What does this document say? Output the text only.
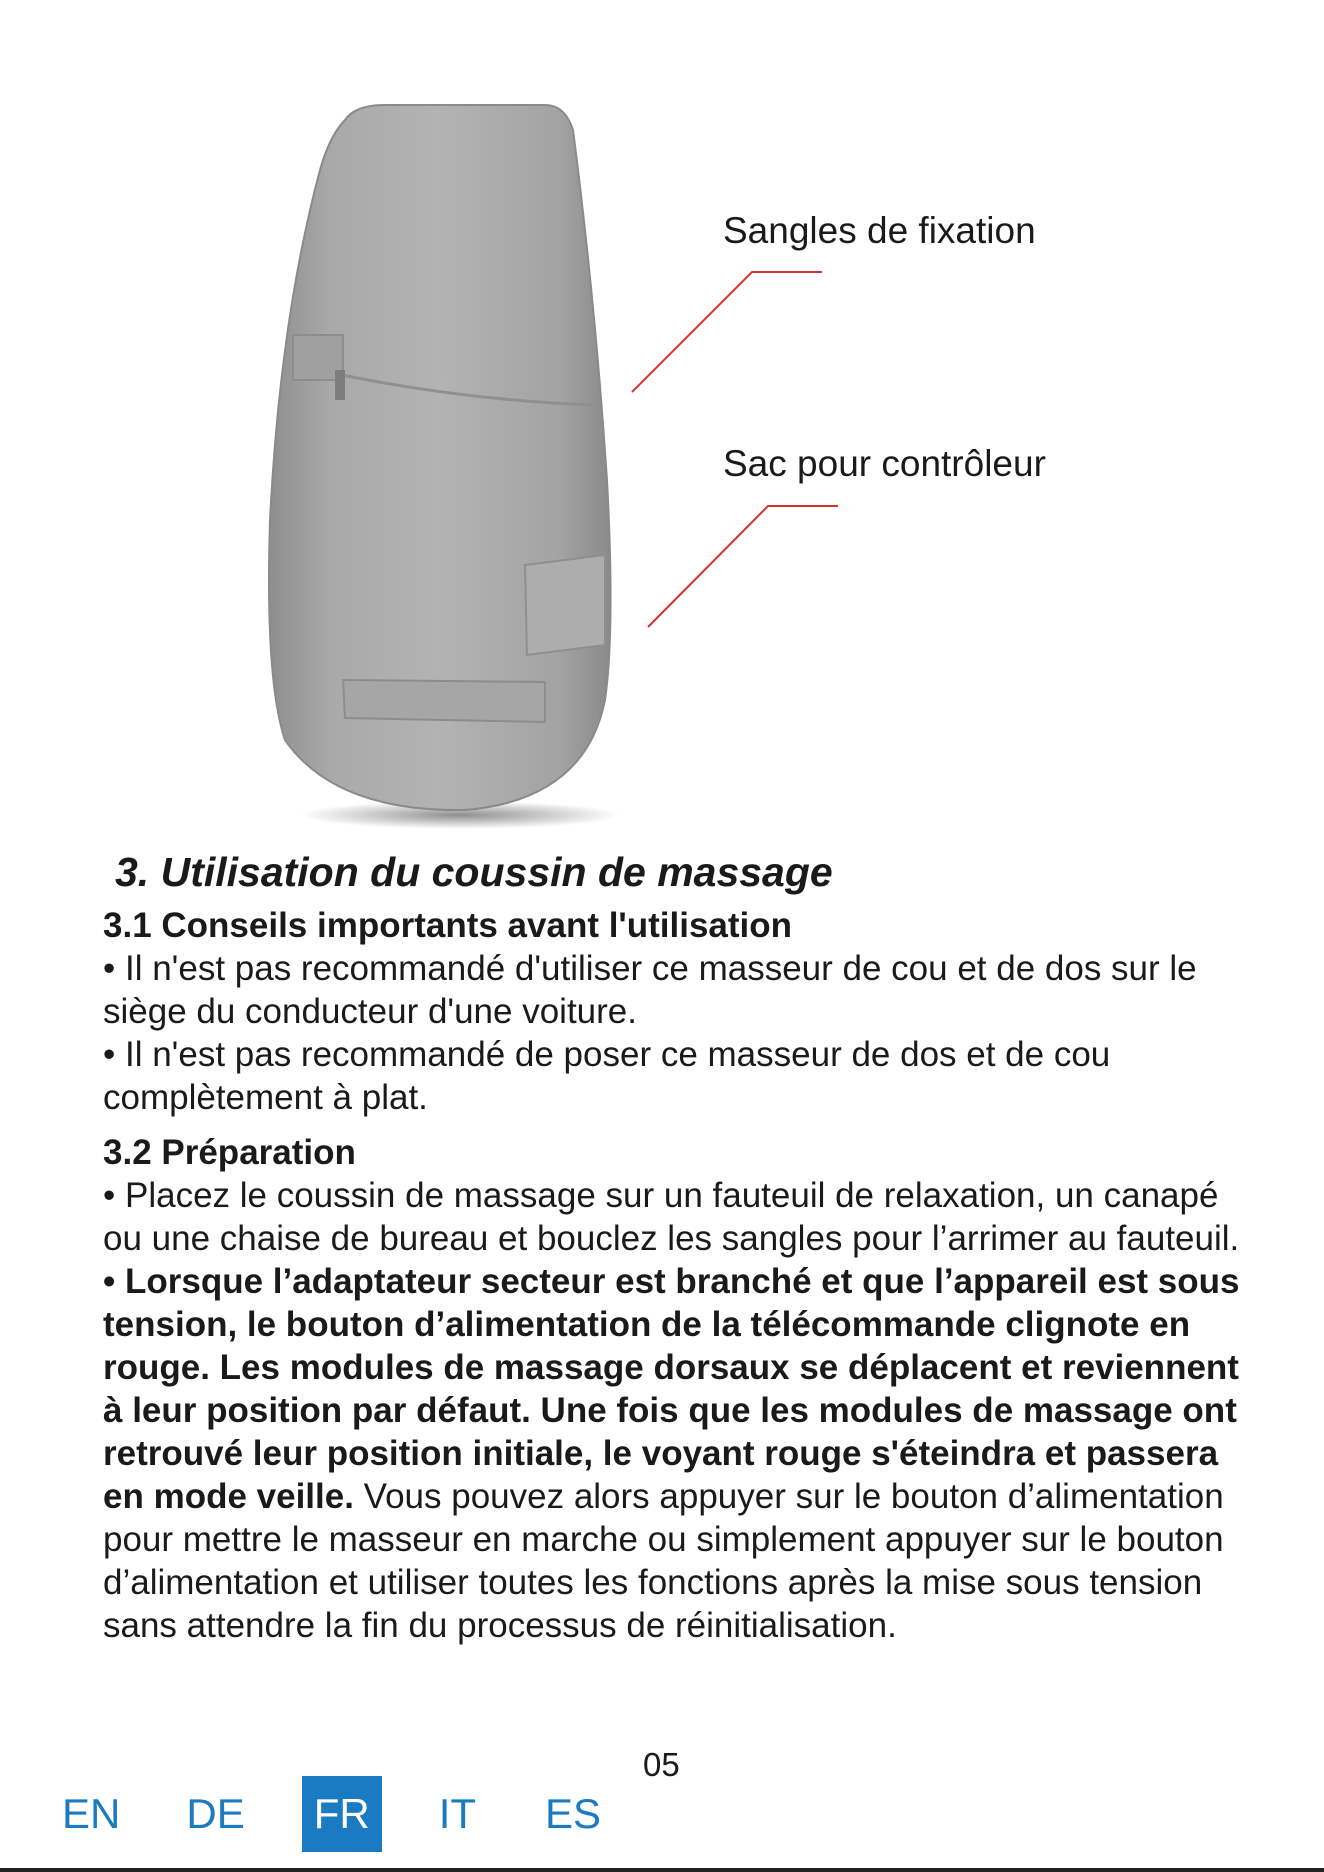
Sangles de fixation
Sac pour contrôleur
3. Utilisation du coussin de massage
3.1 Conseils importants avant l'utilisation

• Il n'est pas recommandé d'utiliser ce masseur de cou et de dos sur le siège du conducteur d'une voiture.

• Il n'est pas recommandé de poser ce masseur de dos et de cou complètement à plat.

3.2 Préparation

• Placez le coussin de massage sur un fauteuil de relaxation, un canapé ou une chaise de bureau et bouclez les sangles pour l’arrimer au fauteuil.

• Lorsque l’adaptateur secteur est branché et que l’appareil est sous tension, le bouton d’alimentation de la télécommande clignote en rouge. Les modules de massage dorsaux se déplacent et reviennent à leur position par défaut. Une fois que les modules de massage ont retrouvé leur position initiale, le voyant rouge s'éteindra et passera en mode veille. Vous pouvez alors appuyer sur le bouton d’alimentation pour mettre le masseur en marche ou simplement appuyer sur le bouton d’alimentation et utiliser toutes les fonctions après la mise sous tension sans attendre la fin du processus de réinitialisation.

05
EN DE FR IT ES
